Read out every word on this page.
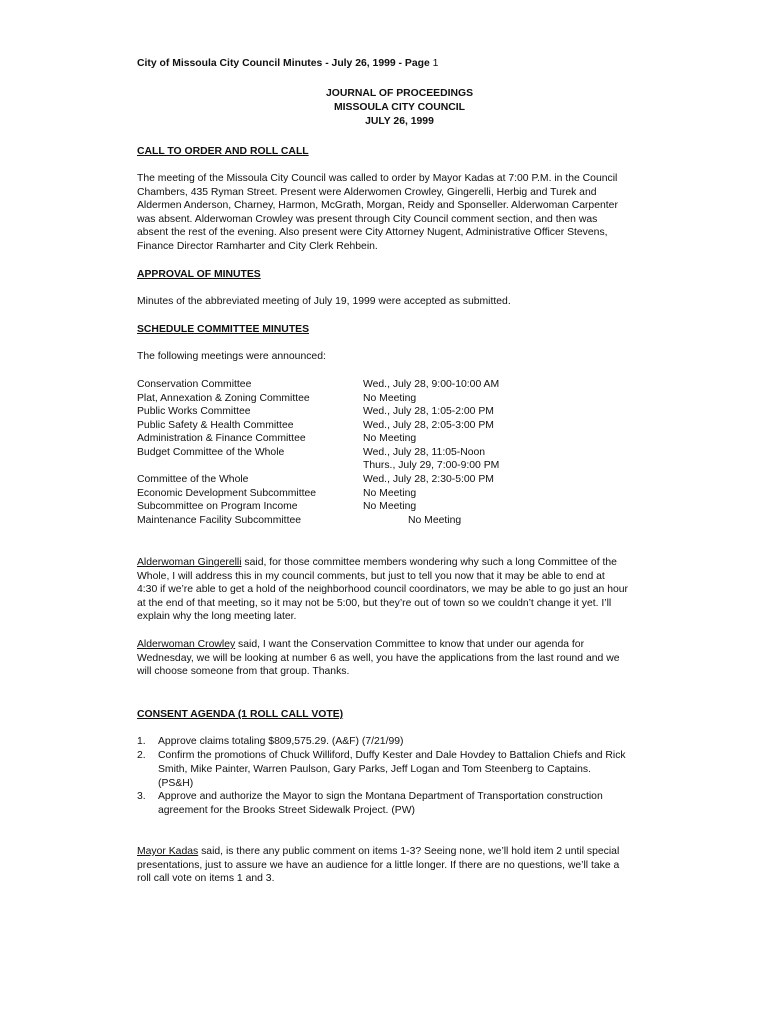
City of Missoula City Council Minutes - July 26, 1999 - Page 1
JOURNAL OF PROCEEDINGS
MISSOULA CITY COUNCIL
JULY 26, 1999
CALL TO ORDER AND ROLL CALL
The meeting of the Missoula City Council was called to order by Mayor Kadas at 7:00 P.M. in the Council
Chambers, 435 Ryman Street. Present were Alderwomen Crowley, Gingerelli, Herbig and Turek and
Aldermen Anderson, Charney, Harmon, McGrath, Morgan, Reidy and Sponseller. Alderwoman Carpenter
was absent. Alderwoman Crowley was present through City Council comment section, and then was
absent the rest of the evening. Also present were City Attorney Nugent, Administrative Officer Stevens,
Finance Director Ramharter and City Clerk Rehbein.
APPROVAL OF MINUTES
Minutes of the abbreviated meeting of July 19, 1999 were accepted as submitted.
SCHEDULE COMMITTEE MINUTES
The following meetings were announced:
Conservation Committee	Wed., July 28, 9:00-10:00 AM
Plat, Annexation & Zoning Committee	No Meeting
Public Works Committee	Wed., July 28, 1:05-2:00 PM
Public Safety & Health Committee	Wed., July 28, 2:05-3:00 PM
Administration & Finance Committee	No Meeting
Budget Committee of the Whole	Wed., July 28, 11:05-Noon
Thurs., July 29, 7:00-9:00 PM
Committee of the Whole	Wed., July 28, 2:30-5:00 PM
Economic Development Subcommittee	No Meeting
Subcommittee on Program Income	No Meeting
Maintenance Facility Subcommittee	No Meeting
Alderwoman Gingerelli said, for those committee members wondering why such a long Committee of the
Whole, I will address this in my council comments, but just to tell you now that it may be able to end at
4:30 if we’re able to get a hold of the neighborhood council coordinators, we may be able to go just an hour
at the end of that meeting, so it may not be 5:00, but they’re out of town so we couldn’t change it yet. I’ll
explain why the long meeting later.
Alderwoman Crowley said, I want the Conservation Committee to know that under our agenda for
Wednesday, we will be looking at number 6 as well, you have the applications from the last round and we
will choose someone from that group. Thanks.
CONSENT AGENDA (1 ROLL CALL VOTE)
1. Approve claims totaling $809,575.29. (A&F) (7/21/99)
2. Confirm the promotions of Chuck Williford, Duffy Kester and Dale Hovdey to Battalion Chiefs and Rick
Smith, Mike Painter, Warren Paulson, Gary Parks, Jeff Logan and Tom Steenberg to Captains.
(PS&H)
3. Approve and authorize the Mayor to sign the Montana Department of Transportation construction
agreement for the Brooks Street Sidewalk Project. (PW)
Mayor Kadas said, is there any public comment on items 1-3? Seeing none, we’ll hold item 2 until special
presentations, just to assure we have an audience for a little longer. If there are no questions, we’ll take a
roll call vote on items 1 and 3.
